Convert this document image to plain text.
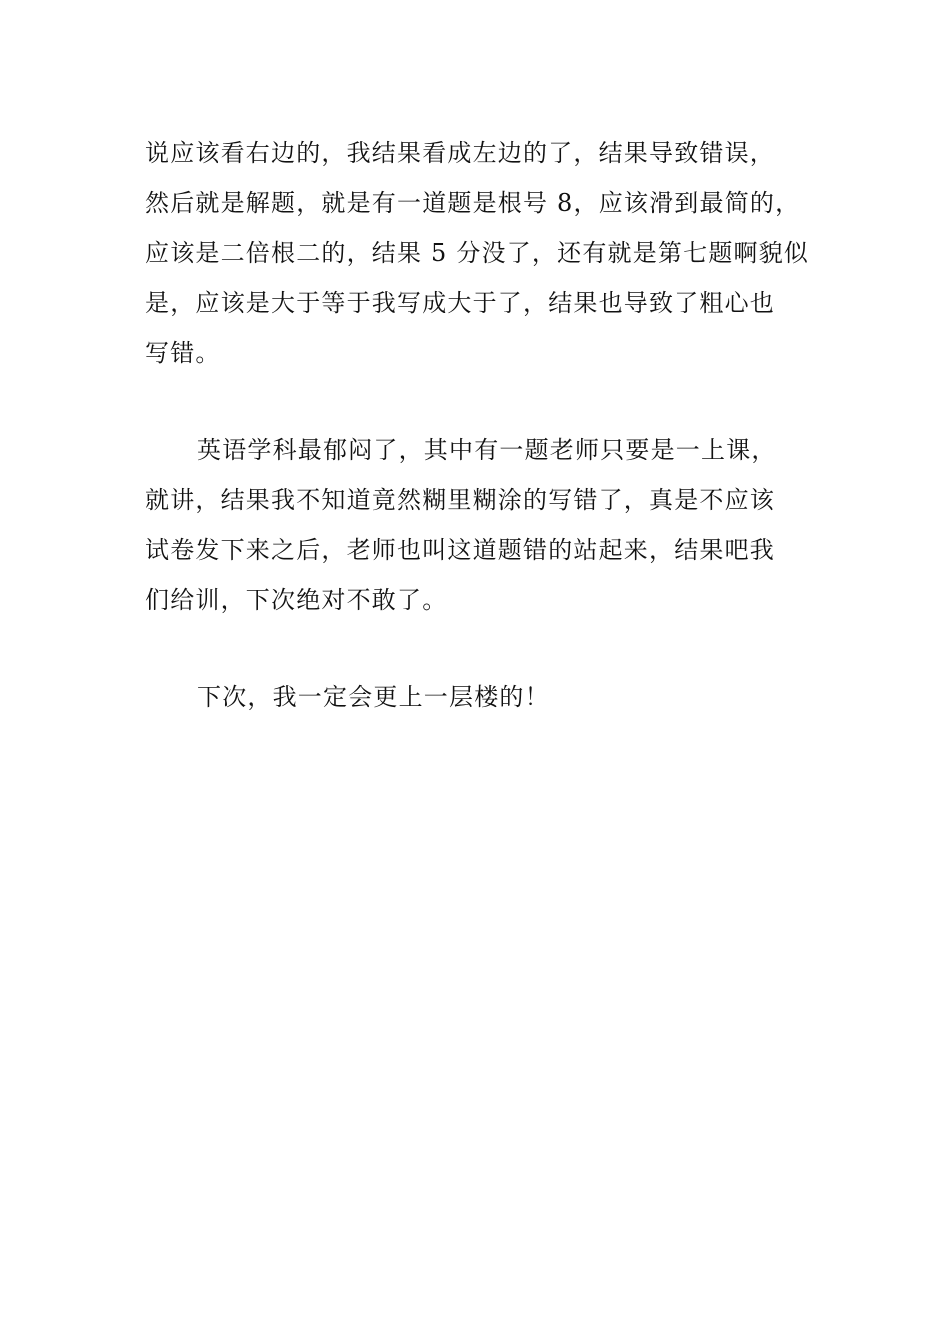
说应该看右边的，我结果看成左边的了，结果导致错误，
然后就是解题，就是有一道题是根号 8，应该滑到最简的，
应该是二倍根二的，结果 5 分没了，还有就是第七题啊貌似
是，应该是大于等于我写成大于了，结果也导致了粗心也
写错。

英语学科最郁闷了，其中有一题老师只要是一上课，
就讲，结果我不知道竟然糊里糊涂的写错了，真是不应该
试卷发下来之后，老师也叫这道题错的站起来，结果吧我
们给训，下次绝对不敢了。

下次，我一定会更上一层楼的！
